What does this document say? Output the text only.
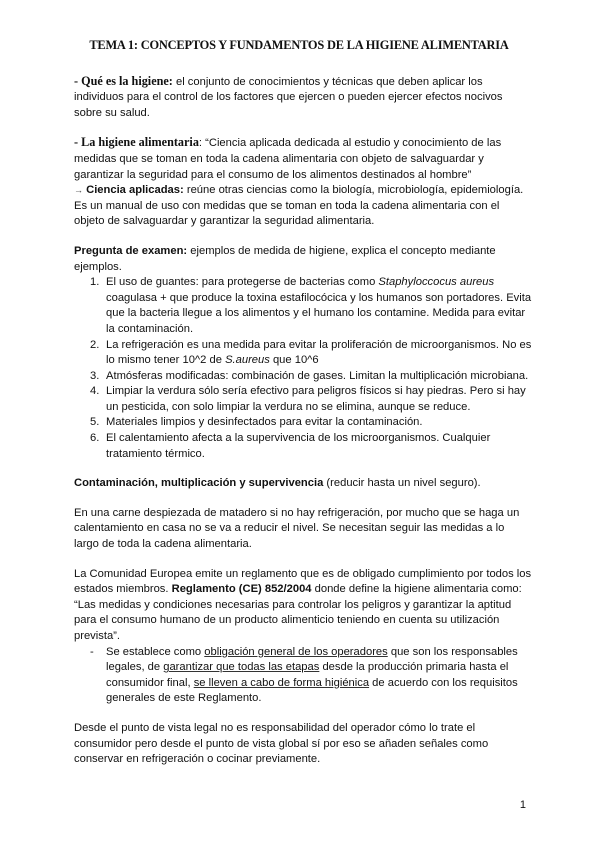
TEMA 1: CONCEPTOS Y FUNDAMENTOS DE LA HIGIENE ALIMENTARIA

- Qué es la higiene: el conjunto de conocimientos y técnicas que deben aplicar los individuos para el control de los factores que ejercen o pueden ejercer efectos nocivos sobre su salud.

- La higiene alimentaria: “Ciencia aplicada dedicada al estudio y conocimiento de las medidas que se toman en toda la cadena alimentaria con objeto de salvaguardar y garantizar la seguridad para el consumo de los alimentos destinados al hombre”
→ Ciencia aplicadas: reúne otras ciencias como la biología, microbiología, epidemiología. Es un manual de uso con medidas que se toman en toda la cadena alimentaria con el objeto de salvaguardar y garantizar la seguridad alimentaria.

Pregunta de examen: ejemplos de medida de higiene, explica el concepto mediante ejemplos.

1. El uso de guantes: para protegerse de bacterias como Staphyloccocus aureus coagulasa + que produce la toxina estafilocócica y los humanos son portadores. Evita que la bacteria llegue a los alimentos y el humano los contamine. Medida para evitar la contaminación.
2. La refrigeración es una medida para evitar la proliferación de microorganismos. No es lo mismo tener 10^2 de S.aureus que 10^6
3. Atmósferas modificadas: combinación de gases. Limitan la multiplicación microbiana.
4. Limpiar la verdura sólo sería efectivo para peligros físicos si hay piedras. Pero si hay un pesticida, con solo limpiar la verdura no se elimina, aunque se reduce.
5. Materiales limpios y desinfectados para evitar la contaminación.
6. El calentamiento afecta a la supervivencia de los microorganismos. Cualquier tratamiento térmico.

Contaminación, multiplicación y supervivencia (reducir hasta un nivel seguro).

En una carne despiezada de matadero si no hay refrigeración, por mucho que se haga un calentamiento en casa no se va a reducir el nivel. Se necesitan seguir las medidas a lo largo de toda la cadena alimentaria.

La Comunidad Europea emite un reglamento que es de obligado cumplimiento por todos los estados miembros. Reglamento (CE) 852/2004 donde define la higiene alimentaria como: “Las medidas y condiciones necesarias para controlar los peligros y garantizar la aptitud para el consumo humano de un producto alimenticio teniendo en cuenta su utilización prevista”.

- Se establece como obligación general de los operadores que son los responsables legales, de garantizar que todas las etapas desde la producción primaria hasta el consumidor final, se lleven a cabo de forma higiénica de acuerdo con los requisitos generales de este Reglamento.

Desde el punto de vista legal no es responsabilidad del operador cómo lo trate el consumidor pero desde el punto de vista global sí por eso se añaden señales como conservar en refrigeración o cocinar previamente.

1
